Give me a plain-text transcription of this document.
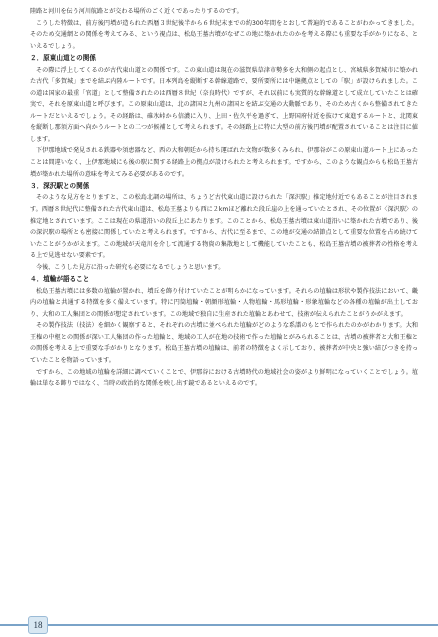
陸路と河川を伝う河川航路とが交わる場所のごく近くであったりするのです。

こうした特徴は、前方後円墳が造られた西暦３世紀後半から６世紀末までの約300年間をとおして普遍的であることがわかってきました。そのため交通網との関係を考えてみる、という視点は、松島王墓古墳がなぜこの地に築かれたのかを考える際にも重要な手がかりになる、といえるでしょう。

２．原東山道との関係

その際に浮上してくるのが古代東山道との関係です。この東山道は現在の滋賀県草津市勢多を大和側の起点とし、宮城県多賀城市に築かれた古代「多賀城」までを結ぶ内陸ルートです。日本列島を縦断する幹線道路で、要所要所には中継拠点としての「駅」が設けられました。この道は国家の最重「官道」として整備されたのは西暦８世紀（奈良時代）ですが、それ以前にも実質的な幹線道として成立していたことは確実で、それを原東山道と呼びます。この原東山道は、北の諸国と九州の諸国とを結ぶ交通の大動脈であり、そのため古くから整備されてきたルートだといえるでしょう。その経路は、碓氷峠から信濃に入り、上田・佐久平を過ぎて、上野国府付近を抜けて東進するルートと、北関東を縦断し那須方面へ向かうルートとの二つが候補として考えられます。その経路上に特に大型の前方後円墳が配置されていることは注目に値します。

下伊那地域で発見される鉄器や須恵器など、西の大和朝廷から持ち運ばれた文物が数多くみられ、伊那谷がこの原東山道ルート上にあったことは間違いなく、上伊那地域にも後の駅に関する経路上の拠点が設けられたと考えられます。ですから、このような観点からも松島王墓古墳が築かれた場所の意味を考えてみる必要があるのです。

３．深沢駅との関係

そのような見方をとりますと、この松島北調の場所は、ちょうど古代東山道に設けられた「深沢駅」推定地付近でもあることが注目されます。西暦８世紀代に整備された古代東山道は、松島王墓よりも西に２kmほど離れた段丘崖の上を通っていたとされ、その位置が〈深沢駅〉の推定地とされています。ここは現在の県道沿いの段丘上にあたります。このことから、松島王墓古墳は東山道沿いに築かれた古墳であり、後の深沢駅の場所とも密接に関係していたと考えられます。ですから、古代に至るまで、この地が交通の結節点として重要な位置を占め続けていたことがうかがえます。この地域が天竜川を介して流通する物資の集散地として機能していたことも、松島王墓古墳の被葬者の性格を考える上で見逃せない要素です。

今後、こうした見方に沿った研究も必要になるでしょうと思います。

４．埴輪が語ること

松島王墓古墳には多数の埴輪が置かれ、墳丘を飾り付けていたことが明らかになっています。それらの埴輪は形状や製作技法において、畿内の埴輪と共通する特徴を多く備えています。特に円筒埴輪・朝顔形埴輪・人物埴輪・馬形埴輪・形象埴輪などの各種の埴輪が出土しており、大和の工人集団との関係が想定されています。この地域で独自に生産された埴輪とあわせて、技術が伝えられたことがうかがえます。

その製作技法（技法）を細かく観察すると、それぞれの古墳に並べられた埴輪がどのような系譜のもとで作られたのかがわかります。大和王権の中枢との関係が深い工人集団の作った埴輪と、地域の工人が在地の技術で作った埴輪とがみられることは、古墳の被葬者と大和王権との関係を考える上で重要な手がかりとなります。松島王墓古墳の埴輪は、前者の特徴をよく示しており、被葬者が中央と強い結びつきを持っていたことを物語っています。

ですから、この地域の埴輪を詳細に調べていくことで、伊那谷における古墳時代の地域社会の姿がより鮮明になっていくことでしょう。埴輪は単なる飾りではなく、当時の政治的な関係を映し出す鏡であるといえるのです。

18
